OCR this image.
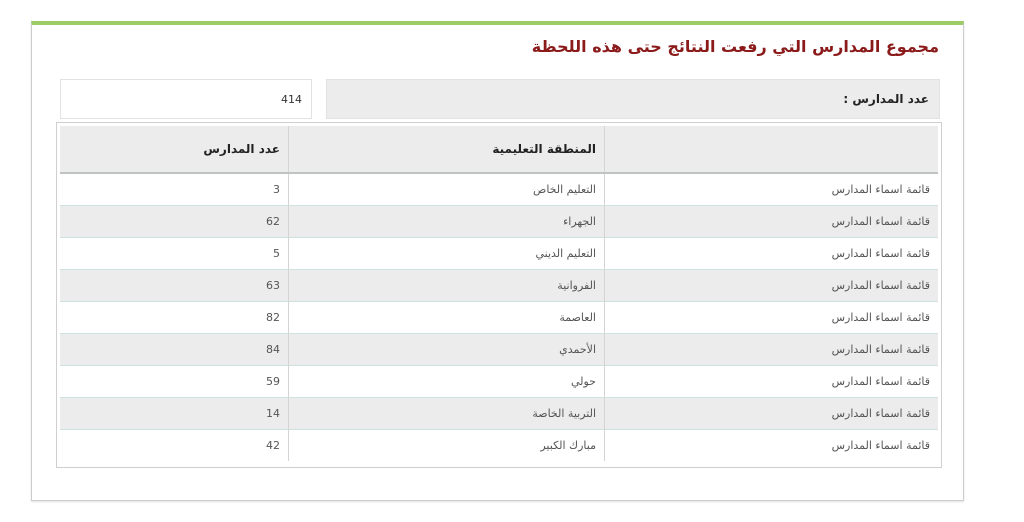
مجموع المدارس التي رفعت النتائج حتى هذه اللحظة
عدد المدارس :
414
	المنطقة التعليمية	عدد المدارس
قائمة اسماء المدارس	التعليم الخاص	3
قائمة اسماء المدارس	الجهراء	62
قائمة اسماء المدارس	التعليم الديني	5
قائمة اسماء المدارس	الفروانية	63
قائمة اسماء المدارس	العاصمة	82
قائمة اسماء المدارس	الأحمدي	84
قائمة اسماء المدارس	حولي	59
قائمة اسماء المدارس	التربية الخاصة	14
قائمة اسماء المدارس	مبارك الكبير	42
